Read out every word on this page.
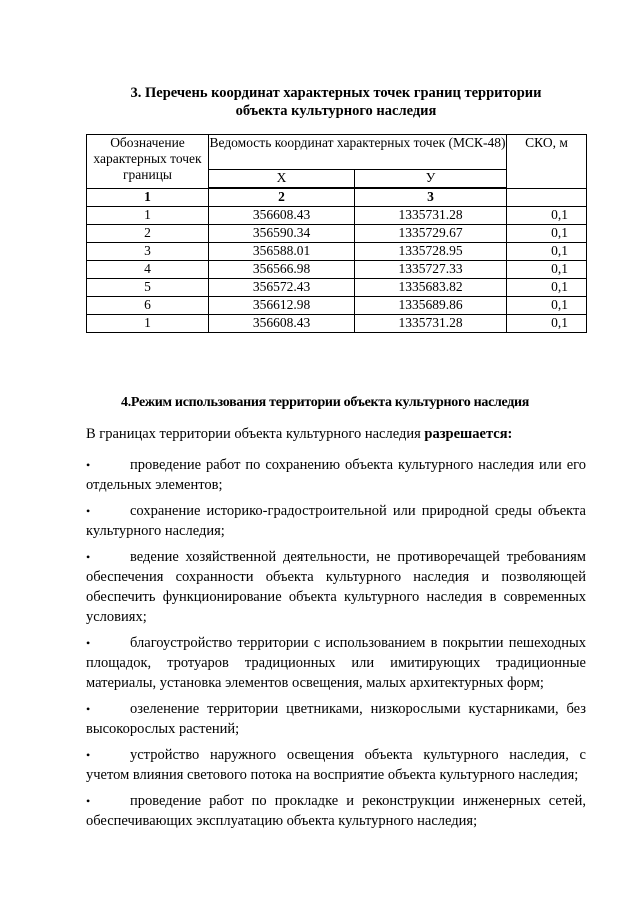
3. Перечень координат характерных точек границ территории
объекта культурного наследия
Обозначение характерных точек границы	Ведомость координат характерных точек (МСК-48)		СКО, м
	Х	У	

1	2	3	
1	356608.43	1335731.28	0,1
2	356590.34	1335729.67	0,1
3	356588.01	1335728.95	0,1
4	356566.98	1335727.33	0,1
5	356572.43	1335683.82	0,1
6	356612.98	1335689.86	0,1
1	356608.43	1335731.28	0,1
4.Режим использования территории объекта культурного наследия
В границах территории объекта культурного наследия разрешается:
•	проведение работ по сохранению объекта культурного наследия или его отдельных элементов;
•	сохранение историко-градостроительной или природной среды объекта культурного наследия;
•	ведение хозяйственной деятельности, не противоречащей требованиям обеспечения сохранности объекта культурного наследия и позволяющей обеспечить функционирование объекта культурного наследия в современных условиях;
•	благоустройство территории с использованием в покрытии пешеходных площадок, тротуаров традиционных или имитирующих традиционные материалы, установка элементов освещения, малых архитектурных форм;
•	озеленение территории цветниками, низкорослыми кустарниками, без высокорослых растений;
•	устройство наружного освещения объекта культурного наследия, с учетом влияния светового потока на восприятие объекта культурного наследия;
•	проведение работ по прокладке и реконструкции инженерных сетей, обеспечивающих эксплуатацию объекта культурного наследия;
